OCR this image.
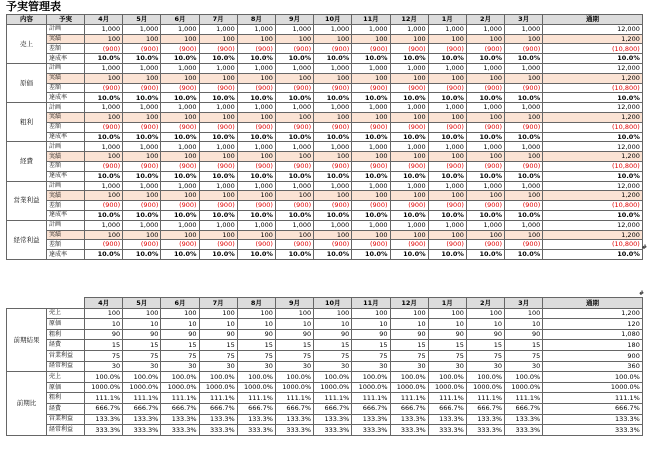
予実管理表
内容	予実	4月	5月	6月	7月	8月	9月	10月	11月	12月	1月	2月	3月	通期
売上	計画	1,000	1,000	1,000	1,000	1,000	1,000	1,000	1,000	1,000	1,000	1,000	1,000	12,000
	実績	100	100	100	100	100	100	100	100	100	100	100	100	1,200
	差額	(900)	(900)	(900)	(900)	(900)	(900)	(900)	(900)	(900)	(900)	(900)	(900)	(10,800)
	達成率	10.0%	10.0%	10.0%	10.0%	10.0%	10.0%	10.0%	10.0%	10.0%	10.0%	10.0%	10.0%	10.0%
原価	計画	1,000	1,000	1,000	1,000	1,000	1,000	1,000	1,000	1,000	1,000	1,000	1,000	12,000
	実績	100	100	100	100	100	100	100	100	100	100	100	100	1,200
	差額	(900)	(900)	(900)	(900)	(900)	(900)	(900)	(900)	(900)	(900)	(900)	(900)	(10,800)
	達成率	10.0%	10.0%	10.0%	10.0%	10.0%	10.0%	10.0%	10.0%	10.0%	10.0%	10.0%	10.0%	10.0%
粗利	計画	1,000	1,000	1,000	1,000	1,000	1,000	1,000	1,000	1,000	1,000	1,000	1,000	12,000
	実績	100	100	100	100	100	100	100	100	100	100	100	100	1,200
	差額	(900)	(900)	(900)	(900)	(900)	(900)	(900)	(900)	(900)	(900)	(900)	(900)	(10,800)
	達成率	10.0%	10.0%	10.0%	10.0%	10.0%	10.0%	10.0%	10.0%	10.0%	10.0%	10.0%	10.0%	10.0%
経費	計画	1,000	1,000	1,000	1,000	1,000	1,000	1,000	1,000	1,000	1,000	1,000	1,000	12,000
	実績	100	100	100	100	100	100	100	100	100	100	100	100	1,200
	差額	(900)	(900)	(900)	(900)	(900)	(900)	(900)	(900)	(900)	(900)	(900)	(900)	(10,800)
	達成率	10.0%	10.0%	10.0%	10.0%	10.0%	10.0%	10.0%	10.0%	10.0%	10.0%	10.0%	10.0%	10.0%
営業利益	計画	1,000	1,000	1,000	1,000	1,000	1,000	1,000	1,000	1,000	1,000	1,000	1,000	12,000
	実績	100	100	100	100	100	100	100	100	100	100	100	100	1,200
	差額	(900)	(900)	(900)	(900)	(900)	(900)	(900)	(900)	(900)	(900)	(900)	(900)	(10,800)
	達成率	10.0%	10.0%	10.0%	10.0%	10.0%	10.0%	10.0%	10.0%	10.0%	10.0%	10.0%	10.0%	10.0%
経常利益	計画	1,000	1,000	1,000	1,000	1,000	1,000	1,000	1,000	1,000	1,000	1,000	1,000	12,000
	実績	100	100	100	100	100	100	100	100	100	100	100	100	1,200
	差額	(900)	(900)	(900)	(900)	(900)	(900)	(900)	(900)	(900)	(900)	(900)	(900)	(10,800)
	達成率	10.0%	10.0%	10.0%	10.0%	10.0%	10.0%	10.0%	10.0%	10.0%	10.0%	10.0%	10.0%	10.0%
#
#
		4月	5月	6月	7月	8月	9月	10月	11月	12月	1月	2月	3月	通期
前期結果	売上	100	100	100	100	100	100	100	100	100	100	100	100	1,200
	原価	10	10	10	10	10	10	10	10	10	10	10	10	120
	粗利	90	90	90	90	90	90	90	90	90	90	90	90	1,080
	経費	15	15	15	15	15	15	15	15	15	15	15	15	180
	営業利益	75	75	75	75	75	75	75	75	75	75	75	75	900
	経常利益	30	30	30	30	30	30	30	30	30	30	30	30	360
前期比	売上	100.0%	100.0%	100.0%	100.0%	100.0%	100.0%	100.0%	100.0%	100.0%	100.0%	100.0%	100.0%	100.0%
	原価	1000.0%	1000.0%	1000.0%	1000.0%	1000.0%	1000.0%	1000.0%	1000.0%	1000.0%	1000.0%	1000.0%	1000.0%	1000.0%
	粗利	111.1%	111.1%	111.1%	111.1%	111.1%	111.1%	111.1%	111.1%	111.1%	111.1%	111.1%	111.1%	111.1%
	経費	666.7%	666.7%	666.7%	666.7%	666.7%	666.7%	666.7%	666.7%	666.7%	666.7%	666.7%	666.7%	666.7%
	営業利益	133.3%	133.3%	133.3%	133.3%	133.3%	133.3%	133.3%	133.3%	133.3%	133.3%	133.3%	133.3%	133.3%
	経常利益	333.3%	333.3%	333.3%	333.3%	333.3%	333.3%	333.3%	333.3%	333.3%	333.3%	333.3%	333.3%	333.3%
